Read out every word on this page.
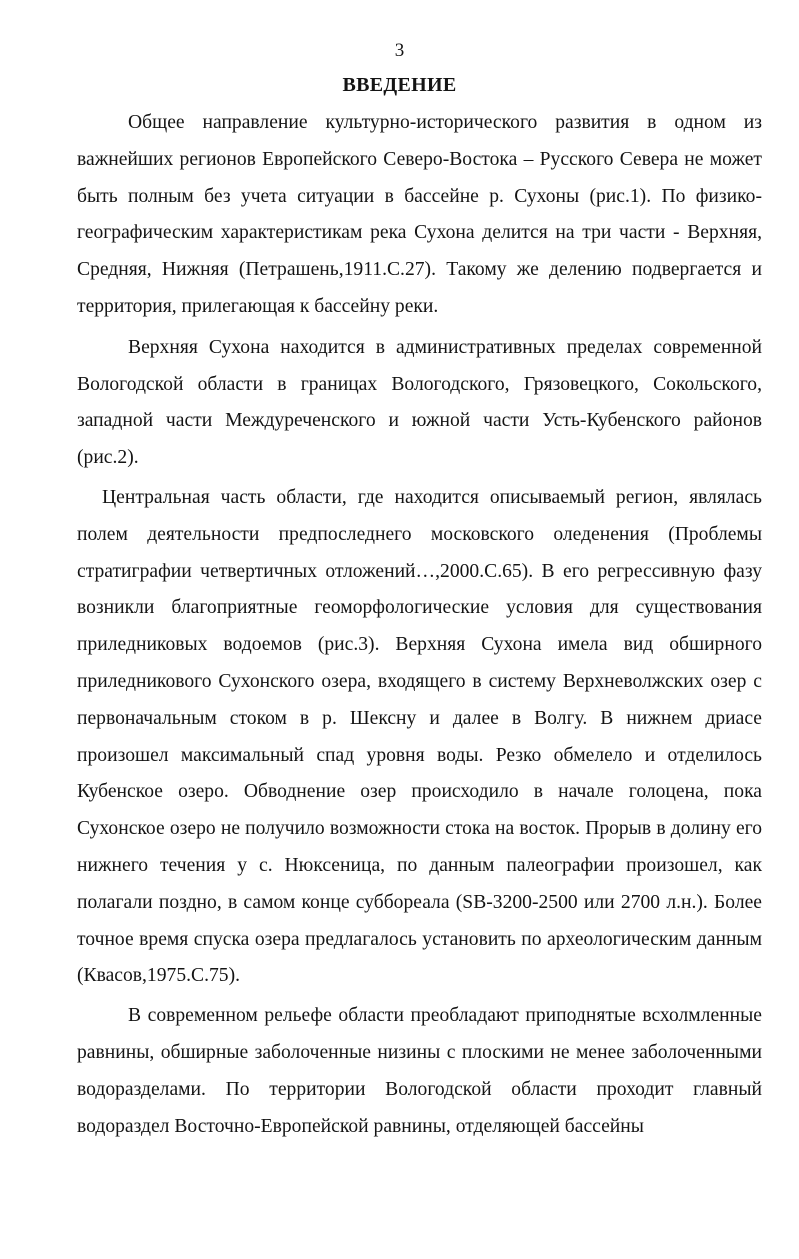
3
ВВЕДЕНИЕ

Общее направление культурно-исторического развития в одном из важнейших регионов Европейского Северо-Востока – Русского Севера не может быть полным без учета ситуации в бассейне р. Сухоны (рис.1). По физико-географическим характеристикам река Сухона делится на три части - Верхняя, Средняя, Нижняя (Петрашень,1911.С.27). Такому же делению подвергается и территория, прилегающая к бассейну реки.

Верхняя Сухона находится в административных пределах современной Вологодской области в границах Вологодского, Грязовецкого, Сокольского, западной части Междуреченского и южной части Усть-Кубенского районов (рис.2).

Центральная часть области, где находится описываемый регион, являлась полем деятельности предпоследнего московского оледенения (Проблемы стратиграфии четвертичных отложений…,2000.С.65). В его регрессивную фазу возникли благоприятные геоморфологические условия для существования приледниковых водоемов (рис.3). Верхняя Сухона имела вид обширного приледникового Сухонского озера, входящего в систему Верхневолжских озер с первоначальным стоком в р. Шексну и далее в Волгу. В нижнем дриасе произошел максимальный спад уровня воды. Резко обмелело и отделилось Кубенское озеро. Обводнение озер происходило в начале голоцена, пока Сухонское озеро не получило возможности стока на восток. Прорыв в долину его нижнего течения у с. Нюксеница, по данным палеографии произошел, как полагали поздно, в самом конце суббореала (SB-3200-2500 или 2700 л.н.). Более точное время спуска озера предлагалось установить по археологическим данным (Квасов,1975.С.75).

В современном рельефе области преобладают приподнятые всхолмленные равнины, обширные заболоченные низины с плоскими не менее заболоченными водоразделами. По территории Вологодской области проходит главный водораздел Восточно-Европейской равнины, отделяющей бассейны
